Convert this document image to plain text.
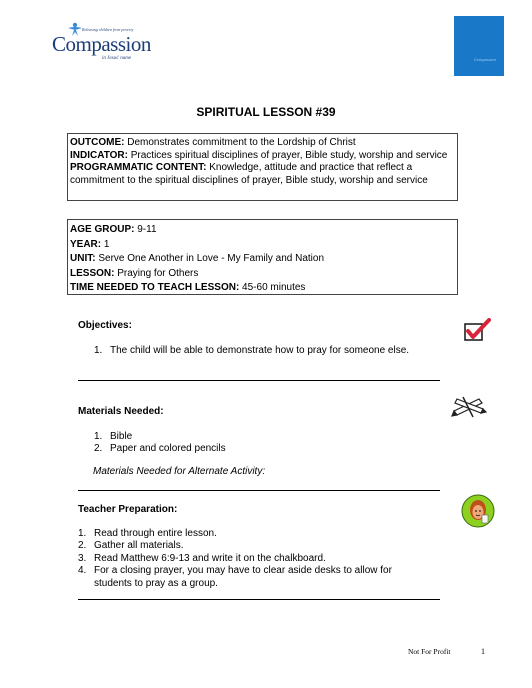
Releasing children from poverty
Compassion
in Jesus' name	Compassion
SPIRITUAL LESSON #39
OUTCOME: Demonstrates commitment to the Lordship of Christ
INDICATOR: Practices spiritual disciplines of prayer, Bible study, worship and service
PROGRAMMATIC CONTENT: Knowledge, attitude and practice that reflect a commitment to the spiritual disciplines of prayer, Bible study, worship and service
AGE GROUP: 9-11
YEAR: 1
UNIT: Serve One Another in Love - My Family and Nation
LESSON: Praying for Others
TIME NEEDED TO TEACH LESSON: 45-60 minutes
Objectives:
1. The child will be able to demonstrate how to pray for someone else.
Materials Needed:
1. Bible
2. Paper and colored pencils
Materials Needed for Alternate Activity:
Teacher Preparation:
1. Read through entire lesson.
2. Gather all materials.
3. Read Matthew 6:9-13 and write it on the chalkboard.
4. For a closing prayer, you may have to clear aside desks to allow for students to pray as a group.
Not For Profit	1
